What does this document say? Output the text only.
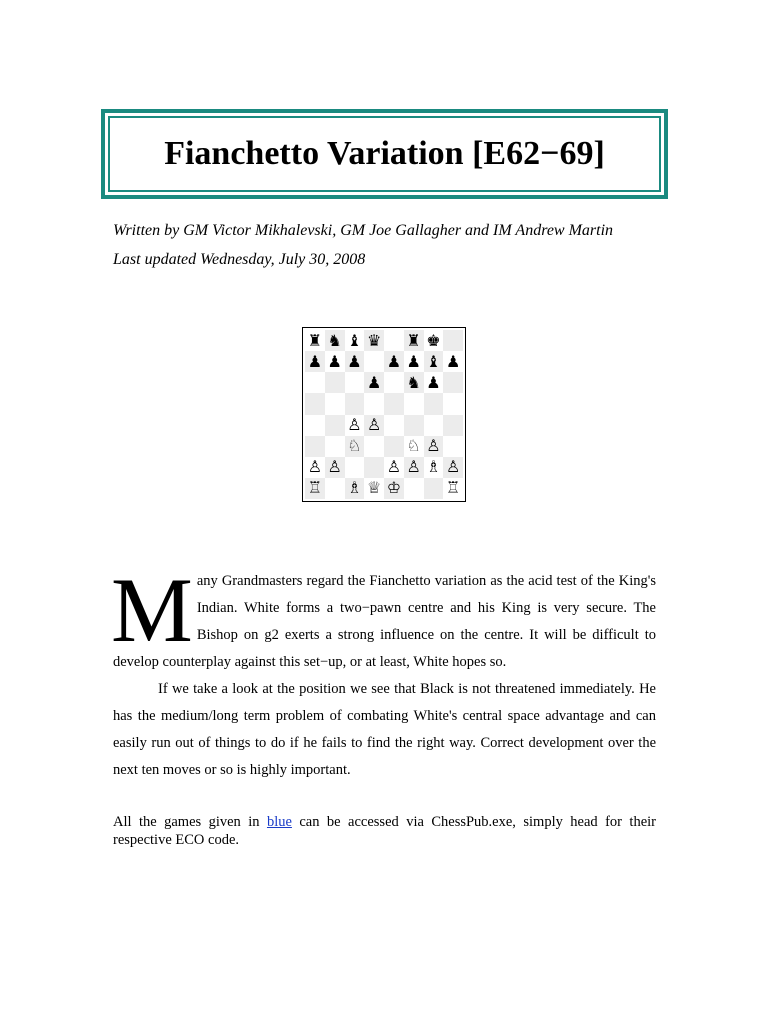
Fianchetto Variation [E62−69]
Written by GM Victor Mikhalevski, GM Joe Gallagher and IM Andrew Martin
Last updated Wednesday, July 30, 2008
♜ ♞ ♝ ♛ ♜ ♚
♟ ♟ ♟ ♟ ♟ ♝ ♟
♟ ♞ ♟
♙ ♙
♘	♘ ♙
♙ ♙	♙ ♙ ♗ ♙
♖ ♗ ♕ ♔	♖
Many Grandmasters regard the Fianchetto variation as the acid test of the King's Indian. White forms a two−pawn centre and his King is very secure. The Bishop on g2 exerts a strong influence on the centre. It will be difficult to develop counterplay against this set−up, or at least, White hopes so.
If we take a look at the position we see that Black is not threatened immediately. He has the medium/long term problem of combating White's central space advantage and can easily run out of things to do if he fails to find the right way. Correct development over the next ten moves or so is highly important.
All the games given in blue can be accessed via ChessPub.exe, simply head for their respective ECO code.
